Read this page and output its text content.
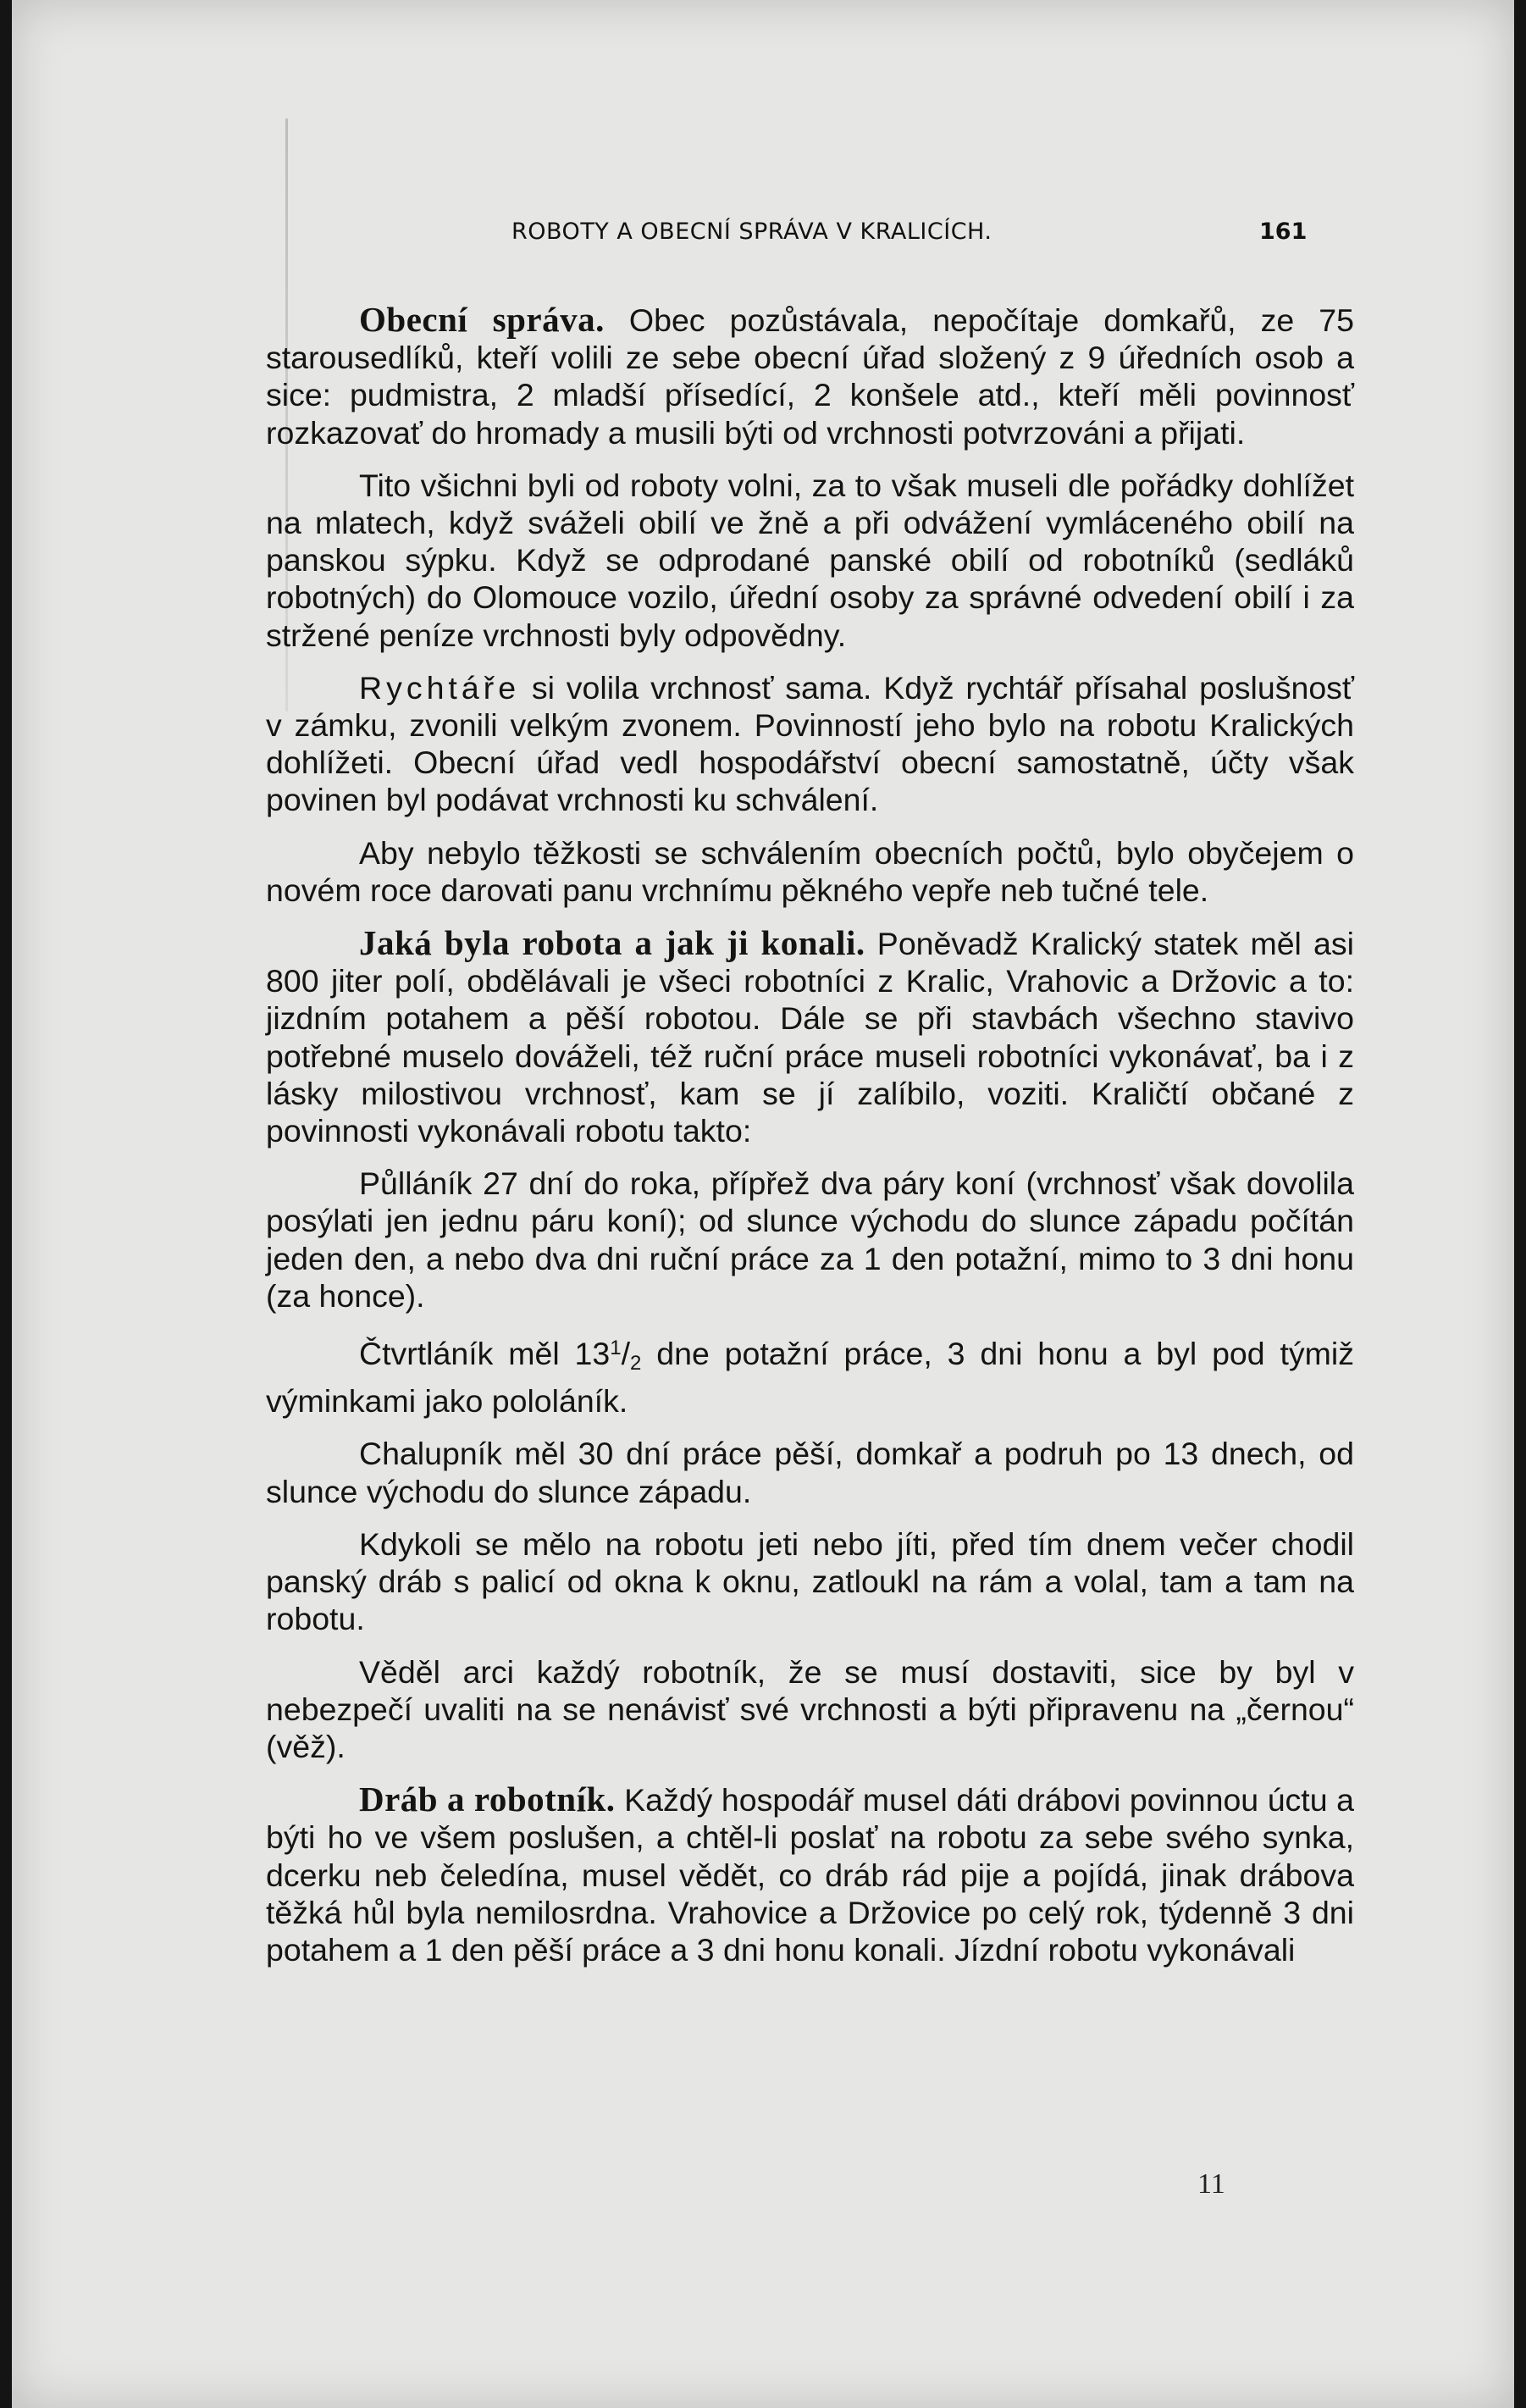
ROBOTY A OBECNÍ SPRÁVA V KRALICÍCH.	161

Obecní správa. Obec pozůstávala, nepočítaje domkařů, ze 75 starousedlíků, kteří volili ze sebe obecní úřad složený z 9 úředních osob a sice: pudmistra, 2 mladší přísedící, 2 konšele atd., kteří měli povinnosť rozkazovať do hromady a musili býti od vrchnosti potvrzováni a přijati.

Tito všichni byli od roboty volni, za to však museli dle pořádky dohlížet na mlatech, když sváželi obilí ve žně a při odvážení vymláceného obilí na panskou sýpku. Když se odprodané panské obilí od robotníků (sedláků robotných) do Olomouce vozilo, úřední osoby za správné odvedení obilí i za stržené peníze vrchnosti byly odpovědny.

Rychtáře si volila vrchnosť sama. Když rychtář přísahal poslušnosť v zámku, zvonili velkým zvonem. Povinností jeho bylo na robotu Kralických dohlížeti. Obecní úřad vedl hospodářství obecní samostatně, účty však povinen byl podávat vrchnosti ku schválení.

Aby nebylo těžkosti se schválením obecních počtů, bylo obyčejem o novém roce darovati panu vrchnímu pěkného vepře neb tučné tele.

Jaká byla robota a jak ji konali. Poněvadž Kralický statek měl asi 800 jiter polí, obdělávali je všeci robotníci z Kralic, Vrahovic a Držovic a to: jizdním potahem a pěší robotou. Dále se při stavbách všechno stavivo potřebné muselo dováželi, též ruční práce museli robotníci vykonávať, ba i z lásky milostivou vrchnosť, kam se jí zalíbilo, voziti. Kraličtí občané z povinnosti vykonávali robotu takto:

Půlláník 27 dní do roka, přípřež dva páry koní (vrchnosť však dovolila posýlati jen jednu páru koní); od slunce východu do slunce západu počítán jeden den, a nebo dva dni ruční práce za 1 den potažní, mimo to 3 dni honu (za honce).

Čtvrtláník měl $13^1/_2$ dne potažní práce, 3 dni honu a byl pod týmiž výminkami jako pololáník.

Chalupník měl 30 dní práce pěší, domkař a podruh po 13 dnech, od slunce východu do slunce západu.

Kdykoli se mělo na robotu jeti nebo jíti, před tím dnem večer chodil panský dráb s palicí od okna k oknu, zatloukl na rám a volal, tam a tam na robotu.

Věděl arci každý robotník, že se musí dostaviti, sice by byl v nebezpečí uvaliti na se nenávisť své vrchnosti a býti připravenu na „černou“ (věž).

Dráb a robotník. Každý hospodář musel dáti drábovi povinnou úctu a býti ho ve všem poslušen, a chtěl-li poslať na robotu za sebe svého synka, dcerku neb čeledína, musel vědět, co dráb rád pije a pojídá, jinak drábova těžká hůl byla nemilosrdna. Vrahovice a Držovice po celý rok, týdenně 3 dni potahem a 1 den pěší práce a 3 dni honu konali. Jízdní robotu vykonávali

11
